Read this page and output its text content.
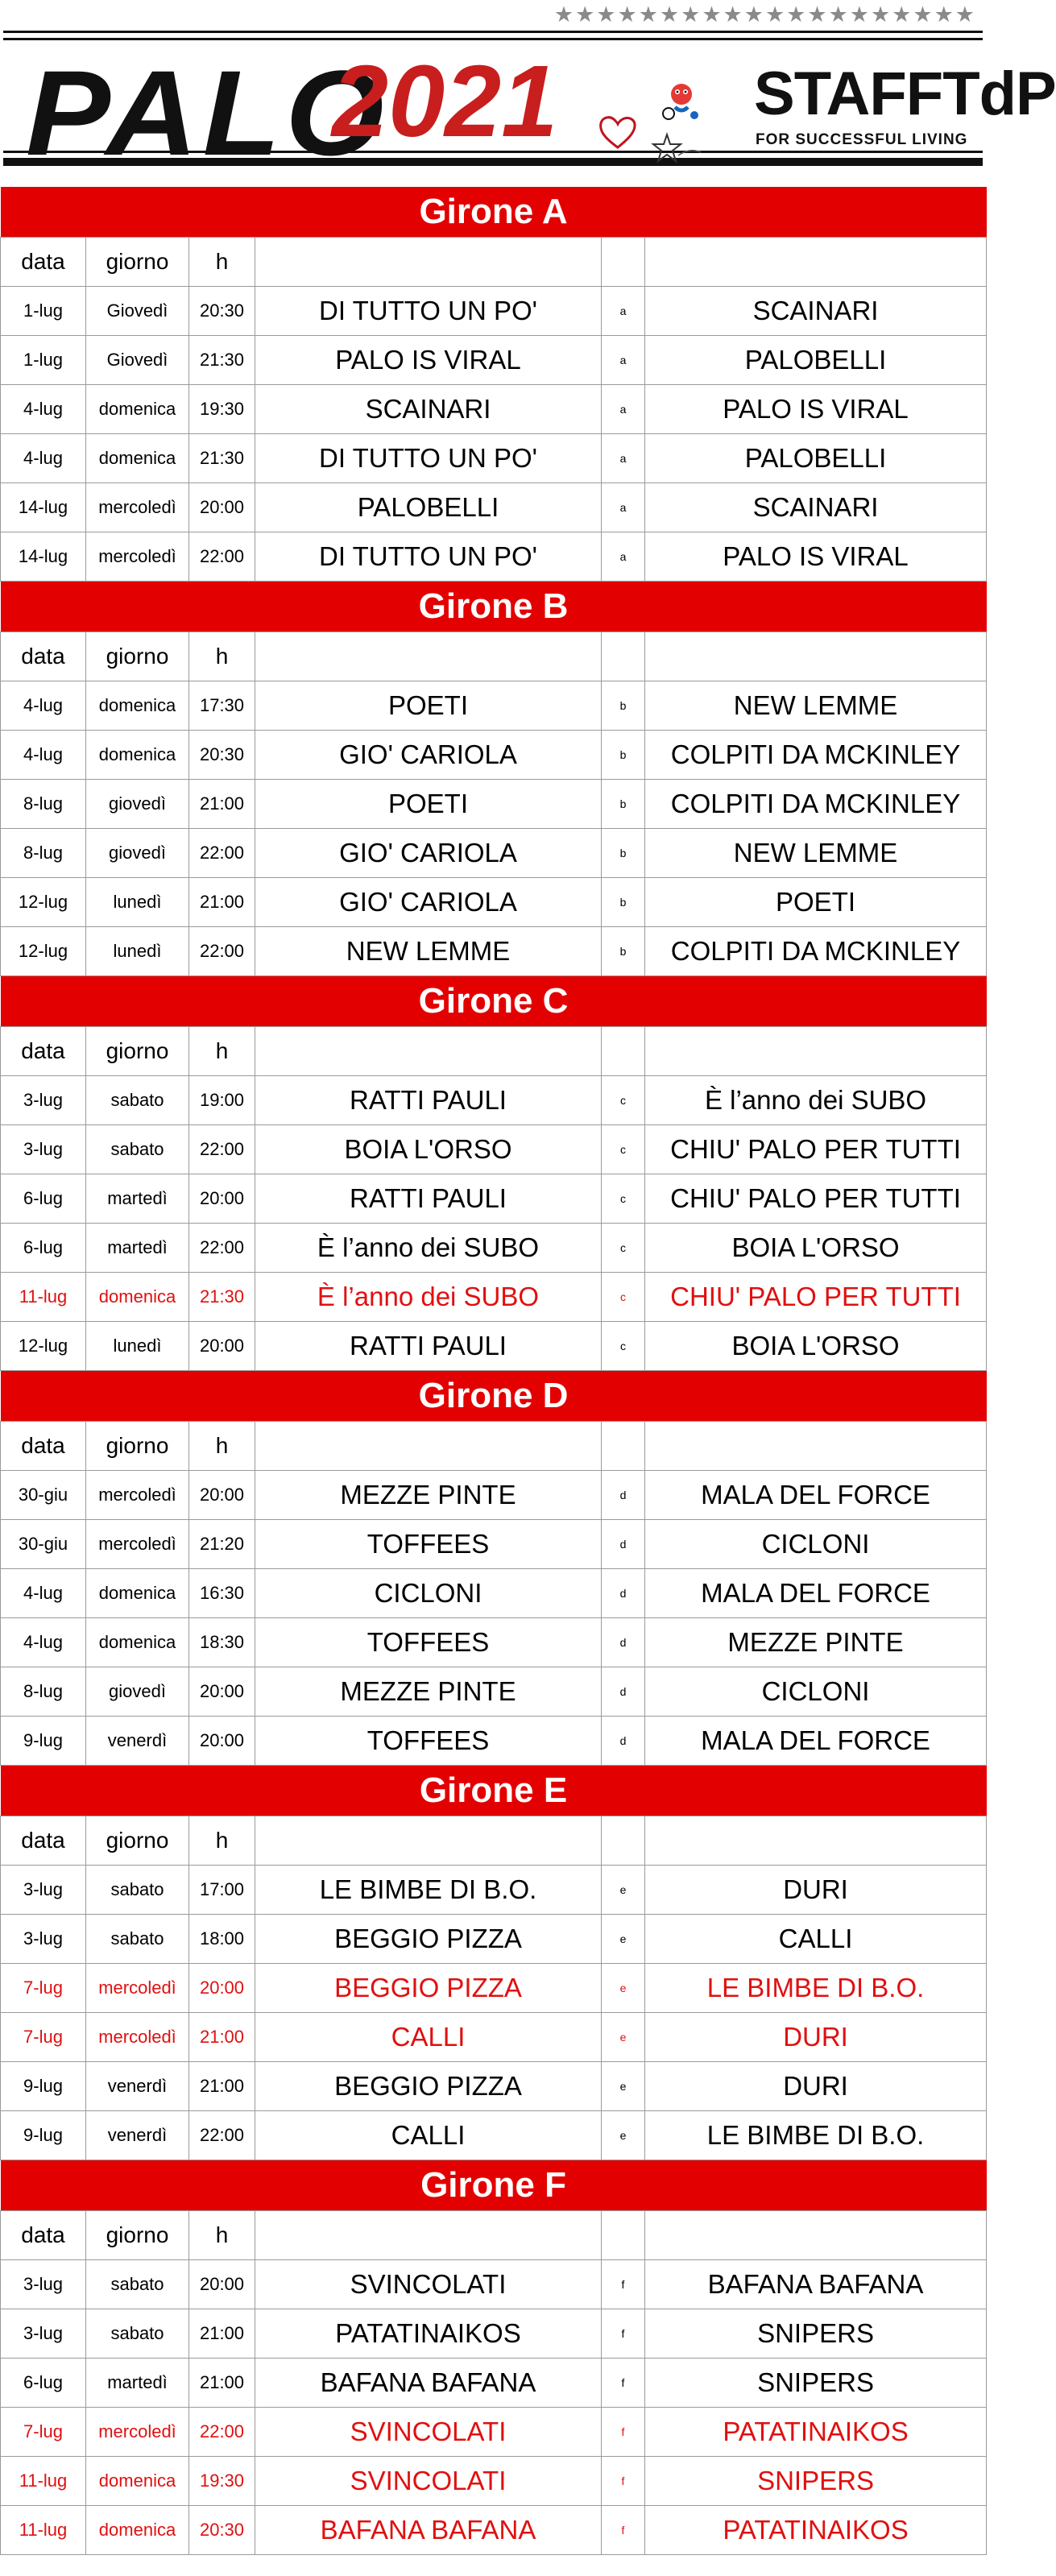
★★★★★★★★★★★★★★★★★★★★
PALO
2021	STAFFTdP
FOR SUCCESSFUL LIVING
Girone A					
data	giorno	h			
1-lug	Giovedì	20:30	DI TUTTO UN PO'	a	SCAINARI
1-lug	Giovedì	21:30	PALO IS VIRAL	a	PALOBELLI
4-lug	domenica	19:30	SCAINARI	a	PALO IS VIRAL
4-lug	domenica	21:30	DI TUTTO UN PO'	a	PALOBELLI
14-lug	mercoledì	20:00	PALOBELLI	a	SCAINARI
14-lug	mercoledì	22:00	DI TUTTO UN PO'	a	PALO IS VIRAL
Girone B					
data	giorno	h			
4-lug	domenica	17:30	POETI	b	NEW LEMME
4-lug	domenica	20:30	GIO' CARIOLA	b	COLPITI DA MCKINLEY
8-lug	giovedì	21:00	POETI	b	COLPITI DA MCKINLEY
8-lug	giovedì	22:00	GIO' CARIOLA	b	NEW LEMME
12-lug	lunedì	21:00	GIO' CARIOLA	b	POETI
12-lug	lunedì	22:00	NEW LEMME	b	COLPITI DA MCKINLEY
Girone C					
data	giorno	h			
3-lug	sabato	19:00	RATTI PAULI	c	È l’anno dei SUBO
3-lug	sabato	22:00	BOIA L'ORSO	c	CHIU' PALO PER TUTTI
6-lug	martedì	20:00	RATTI PAULI	c	CHIU' PALO PER TUTTI
6-lug	martedì	22:00	È l’anno dei SUBO	c	BOIA L'ORSO
11-lug	domenica	21:30	È l’anno dei SUBO	c	CHIU' PALO PER TUTTI
12-lug	lunedì	20:00	RATTI PAULI	c	BOIA L'ORSO
Girone D					
data	giorno	h			
30-giu	mercoledì	20:00	MEZZE PINTE	d	MALA DEL FORCE
30-giu	mercoledì	21:20	TOFFEES	d	CICLONI
4-lug	domenica	16:30	CICLONI	d	MALA DEL FORCE
4-lug	domenica	18:30	TOFFEES	d	MEZZE PINTE
8-lug	giovedì	20:00	MEZZE PINTE	d	CICLONI
9-lug	venerdì	20:00	TOFFEES	d	MALA DEL FORCE
Girone E					
data	giorno	h			
3-lug	sabato	17:00	LE BIMBE DI B.O.	e	DURI
3-lug	sabato	18:00	BEGGIO PIZZA	e	CALLI
7-lug	mercoledì	20:00	BEGGIO PIZZA	e	LE BIMBE DI B.O.
7-lug	mercoledì	21:00	CALLI	e	DURI
9-lug	venerdì	21:00	BEGGIO PIZZA	e	DURI
9-lug	venerdì	22:00	CALLI	e	LE BIMBE DI B.O.
Girone F					
data	giorno	h			
3-lug	sabato	20:00	SVINCOLATI	f	BAFANA BAFANA
3-lug	sabato	21:00	PATATINAIKOS	f	SNIPERS
6-lug	martedì	21:00	BAFANA BAFANA	f	SNIPERS
7-lug	mercoledì	22:00	SVINCOLATI	f	PATATINAIKOS
11-lug	domenica	19:30	SVINCOLATI	f	SNIPERS
11-lug	domenica	20:30	BAFANA BAFANA	f	PATATINAIKOS
